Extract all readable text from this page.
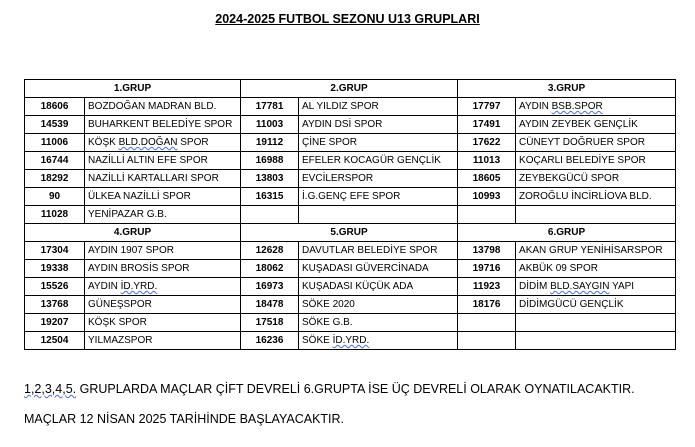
2024-2025 FUTBOL SEZONU U13 GRUPLARI
1.GRUP		2.GRUP		3.GRUP	
18606	BOZDOĞAN MADRAN BLD.	17781	AL YILDIZ SPOR	17797	AYDIN BSB.SPOR
14539	BUHARKENT BELEDİYE SPOR	11003	AYDIN DSİ SPOR	17491	AYDIN ZEYBEK GENÇLİK
11006	KÖŞK BLD.DOĞAN SPOR	19112	ÇİNE SPOR	17622	CÜNEYT DOĞRUER SPOR
16744	NAZİLLİ ALTIN EFE SPOR	16988	EFELER KOCAGÜR GENÇLİK	11013	KOÇARLI BELEDİYE SPOR
18292	NAZİLLİ KARTALLARI SPOR	13803	EVCİLERSPOR	18605	ZEYBEKGÜCÜ SPOR
90	ÜLKEA NAZİLLİ SPOR	16315	İ.G.GENÇ EFE SPOR	10993	ZOROĞLU İNCİRLİOVA BLD.
11028	YENİPAZAR G.B.				
4.GRUP		5.GRUP		6.GRUP	
17304	AYDIN 1907 SPOR	12628	DAVUTLAR BELEDİYE SPOR	13798	AKAN GRUP YENİHİSARSPOR
19338	AYDIN BROSİS SPOR	18062	KUŞADASI GÜVERCİNADA	19716	AKBÜK 09 SPOR
15526	AYDIN İD.YRD.	16973	KUŞADASI KÜÇÜK ADA	11923	DİDİM BLD.SAYGIN YAPI
13768	GÜNEŞSPOR	18478	SÖKE 2020	18176	DİDİMGÜCÜ GENÇLİK
19207	KÖŞK SPOR	17518	SÖKE G.B.		
12504	YILMAZSPOR	16236	SÖKE İD.YRD.		
1,2,3,4,5. GRUPLARDA MAÇLAR ÇİFT DEVRELİ 6.GRUPTA İSE ÜÇ DEVRELİ OLARAK OYNATILACAKTIR.
MAÇLAR 12 NİSAN 2025 TARİHİNDE BAŞLAYACAKTIR.
